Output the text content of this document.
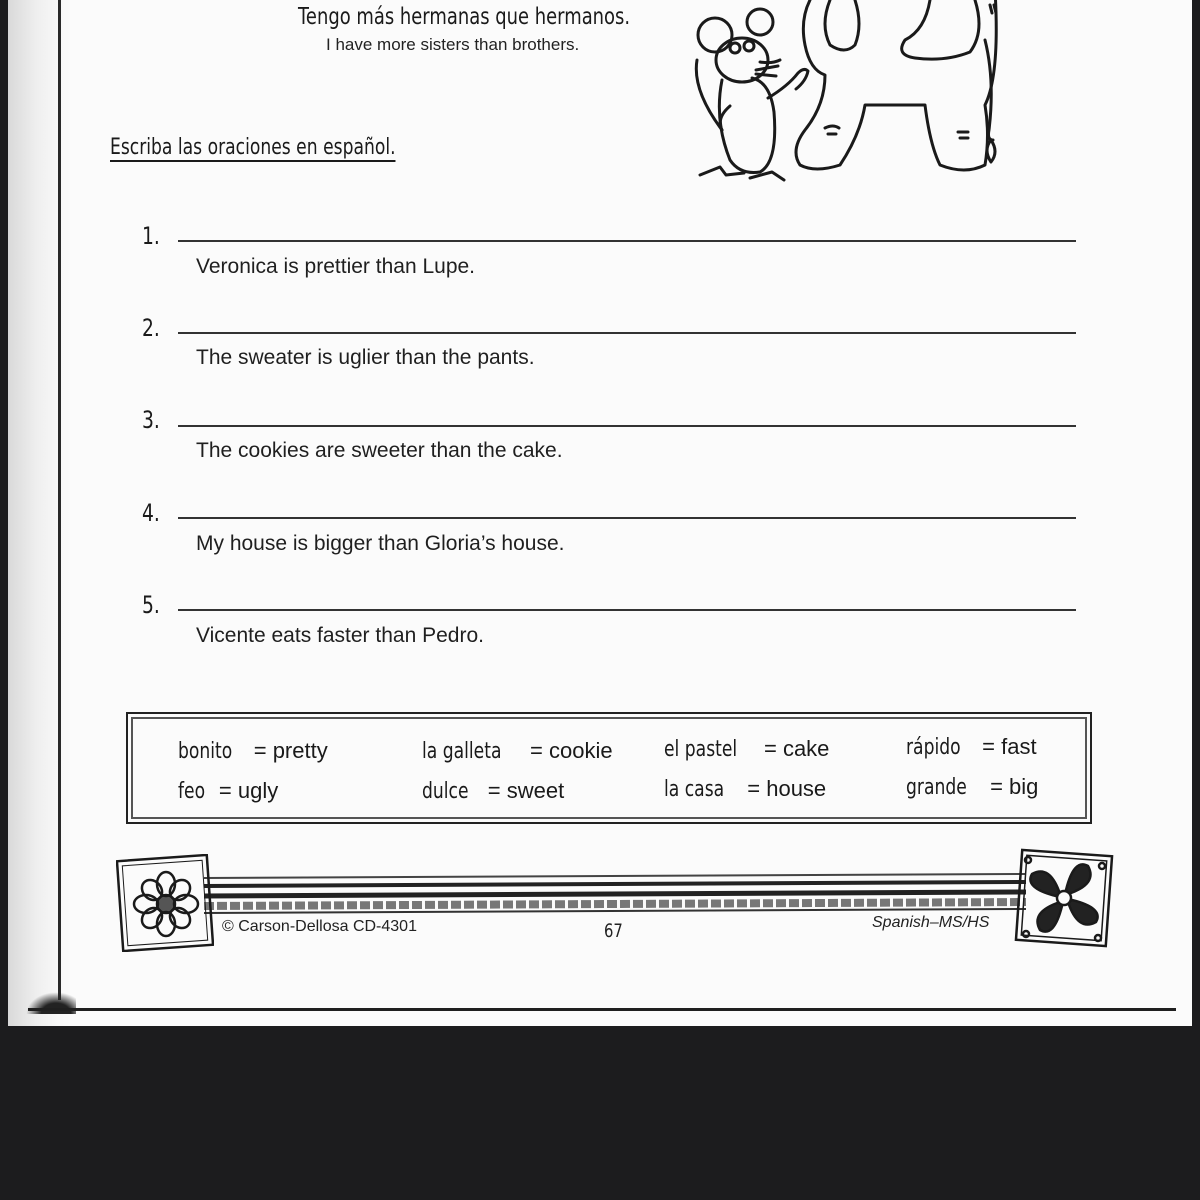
Tengo más hermanas que hermanos.
I have more sisters than brothers.
Escriba las oraciones en español.
1.
Veronica is prettier than Lupe.
2.
The sweater is uglier than the pants.
3.
The cookies are sweeter than the cake.
4.
My house is bigger than Gloria’s house.
5.
Vicente eats faster than Pedro.
bonito = pretty
feo = ugly
la galleta = cookie
dulce = sweet
el pastel = cake
la casa = house
rápido = fast
grande = big
© Carson-Dellosa CD-4301	67	Spanish–MS/HS
